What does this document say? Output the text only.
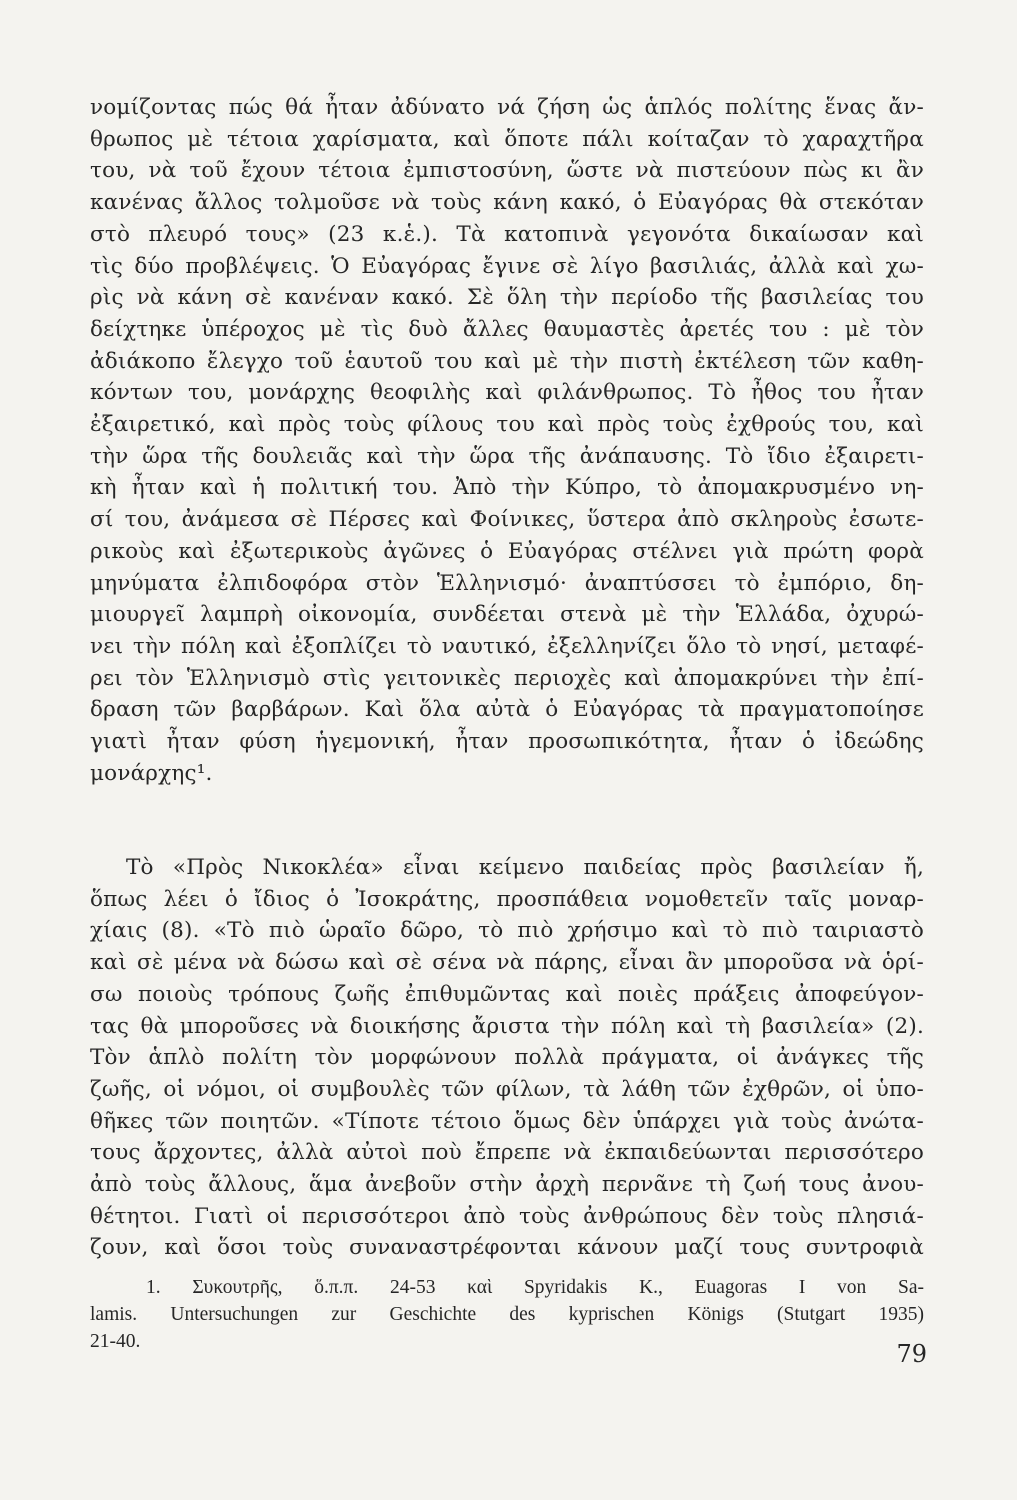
νομίζοντας πώς θά ἦταν ἀδύνατο νά ζήση ὡς ἁπλός πολίτης ἕνας ἄν-
θρωπος μὲ τέτοια χαρίσματα, καὶ ὅποτε πάλι κοίταζαν τὸ χαραχτῆρα
του, νὰ τοῦ ἔχουν τέτοια ἐμπιστοσύνη, ὥστε νὰ πιστεύουν πὼς κι ἂν
κανένας ἄλλος τολμοῦσε νὰ τοὺς κάνη κακό, ὁ Εὐαγόρας θὰ στεκόταν
στὸ πλευρό τους» (23 κ.ἑ.). Τὰ κατοπινὰ γεγονότα δικαίωσαν καὶ
τὶς δύο προβλέψεις. Ὁ Εὐαγόρας ἔγινε σὲ λίγο βασιλιάς, ἀλλὰ καὶ χω-
ρὶς νὰ κάνη σὲ κανέναν κακό. Σὲ ὅλη τὴν περίοδο τῆς βασιλείας του
δείχτηκε ὑπέροχος μὲ τὶς δυὸ ἄλλες θαυμαστὲς ἀρετές του : μὲ τὸν
ἀδιάκοπο ἔλεγχο τοῦ ἑαυτοῦ του καὶ μὲ τὴν πιστὴ ἐκτέλεση τῶν καθη-
κόντων του, μονάρχης θεοφιλὴς καὶ φιλάνθρωπος. Τὸ ἦθος του ἦταν
ἐξαιρετικό, καὶ πρὸς τοὺς φίλους του καὶ πρὸς τοὺς ἐχθρούς του, καὶ
τὴν ὥρα τῆς δουλειᾶς καὶ τὴν ὥρα τῆς ἀνάπαυσης. Τὸ ἴδιο ἐξαιρετι-
κὴ ἦταν καὶ ἡ πολιτική του. Ἀπὸ τὴν Κύπρο, τὸ ἀπομακρυσμένο νη-
σί του, ἀνάμεσα σὲ Πέρσες καὶ Φοίνικες, ὕστερα ἀπὸ σκληροὺς ἐσωτε-
ρικοὺς καὶ ἐξωτερικοὺς ἀγῶνες ὁ Εὐαγόρας στέλνει γιὰ πρώτη φορὰ
μηνύματα ἐλπιδοφόρα στὸν Ἑλληνισμό· ἀναπτύσσει τὸ ἐμπόριο, δη-
μιουργεῖ λαμπρὴ οἰκονομία, συνδέεται στενὰ μὲ τὴν Ἑλλάδα, ὀχυρώ-
νει τὴν πόλη καὶ ἐξοπλίζει τὸ ναυτικό, ἐξελληνίζει ὅλο τὸ νησί, μεταφέ-
ρει τὸν Ἑλληνισμὸ στὶς γειτονικὲς περιοχὲς καὶ ἀπομακρύνει τὴν ἐπί-
δραση τῶν βαρβάρων. Καὶ ὅλα αὐτὰ ὁ Εὐαγόρας τὰ πραγματοποίησε
γιατὶ ἦταν φύση ἡγεμονική, ἦταν προσωπικότητα, ἦταν ὁ ἰδεώδης
μονάρχης¹.
Τὸ «Πρὸς Νικοκλέα» εἶναι κείμενο παιδείας πρὸς βασιλείαν ἤ,
ὅπως λέει ὁ ἴδιος ὁ Ἰσοκράτης, προσπάθεια νομοθετεῖν ταῖς μοναρ-
χίαις (8). «Τὸ πιὸ ὡραῖο δῶρο, τὸ πιὸ χρήσιμο καὶ τὸ πιὸ ταιριαστὸ
καὶ σὲ μένα νὰ δώσω καὶ σὲ σένα νὰ πάρης, εἶναι ἂν μποροῦσα νὰ ὁρί-
σω ποιοὺς τρόπους ζωῆς ἐπιθυμῶντας καὶ ποιὲς πράξεις ἀποφεύγον-
τας θὰ μποροῦσες νὰ διοικήσης ἄριστα τὴν πόλη καὶ τὴ βασιλεία» (2).
Τὸν ἁπλὸ πολίτη τὸν μορφώνουν πολλὰ πράγματα, οἱ ἀνάγκες τῆς
ζωῆς, οἱ νόμοι, οἱ συμβουλὲς τῶν φίλων, τὰ λάθη τῶν ἐχθρῶν, οἱ ὑπο-
θῆκες τῶν ποιητῶν. «Τίποτε τέτοιο ὅμως δὲν ὑπάρχει γιὰ τοὺς ἀνώτα-
τους ἄρχοντες, ἀλλὰ αὐτοὶ ποὺ ἔπρεπε νὰ ἐκπαιδεύωνται περισσότερο
ἀπὸ τοὺς ἄλλους, ἅμα ἀνεβοῦν στὴν ἀρχὴ περνᾶνε τὴ ζωή τους ἀνου-
θέτητοι. Γιατὶ οἱ περισσότεροι ἀπὸ τοὺς ἀνθρώπους δὲν τοὺς πλησιά-
ζουν, καὶ ὅσοι τοὺς συναναστρέφονται κάνουν μαζί τους συντροφιὰ
1. Συκουτρῆς, ὅ.π.π. 24-53 καὶ Spyridakis K., Euagoras I von Sa-
lamis. Untersuchungen zur Geschichte des kyprischen Königs (Stutgart 1935)
21-40.	79
